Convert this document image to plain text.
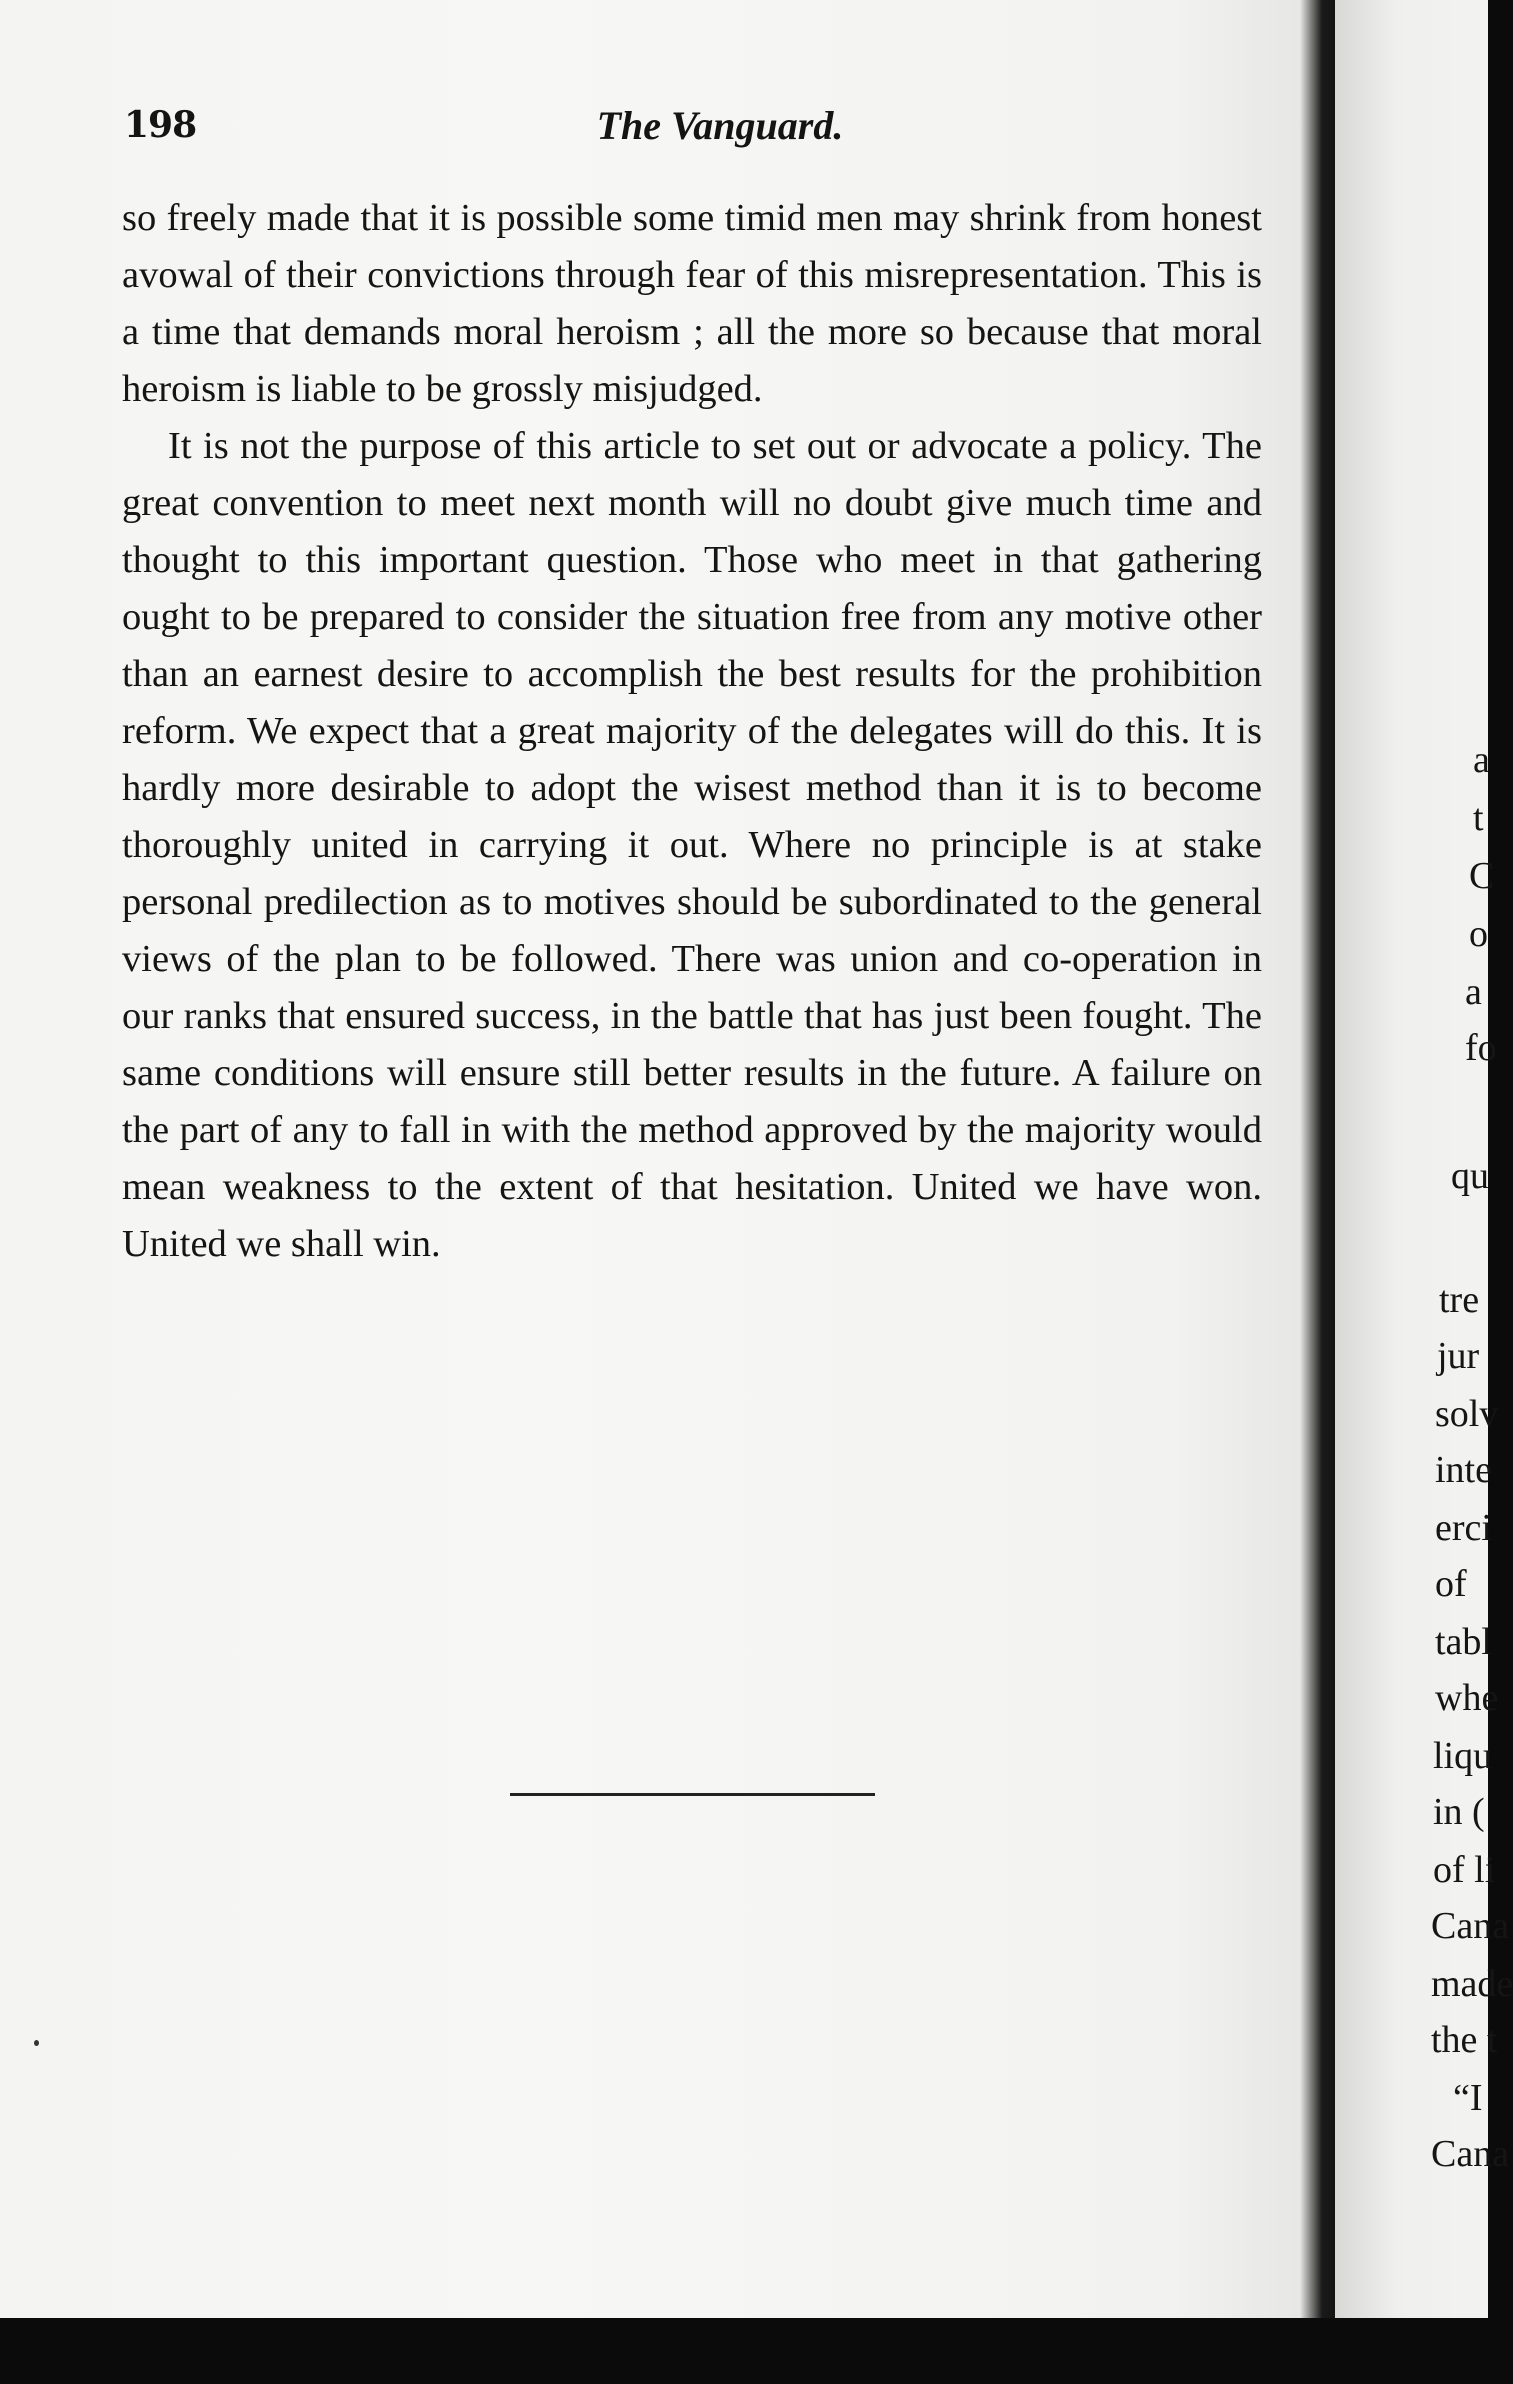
198	The Vanguard.

so freely made that it is possible some timid men may shrink from honest avowal of their convictions through fear of this misrepresentation. This is a time that demands moral heroism ; all the more so because that moral heroism is liable to be grossly misjudged.

It is not the purpose of this article to set out or advocate a policy. The great convention to meet next month will no doubt give much time and thought to this important question. Those who meet in that gathering ought to be prepared to consider the situation free from any motive other than an earnest desire to accomplish the best results for the prohibition reform. We expect that a great majority of the delegates will do this. It is hardly more desirable to adopt the wisest method than it is to become thoroughly united in carrying it out. Where no principle is at stake personal predilection as to motives should be subordinated to the general views of the plan to be followed. There was union and co-operation in our ranks that ensured success, in the battle that has just been fought. The same conditions will ensure still better results in the future. A failure on the part of any to fall in with the method approved by the majority would mean weakness to the extent of that hesitation. United we have won. United we shall win.

a
t
C
o
a
fo
qu
tre
jur
solv
inte
erci
of
tabl
whe
liqu
in (
of li
Cana
made
the t
“I
Cana
